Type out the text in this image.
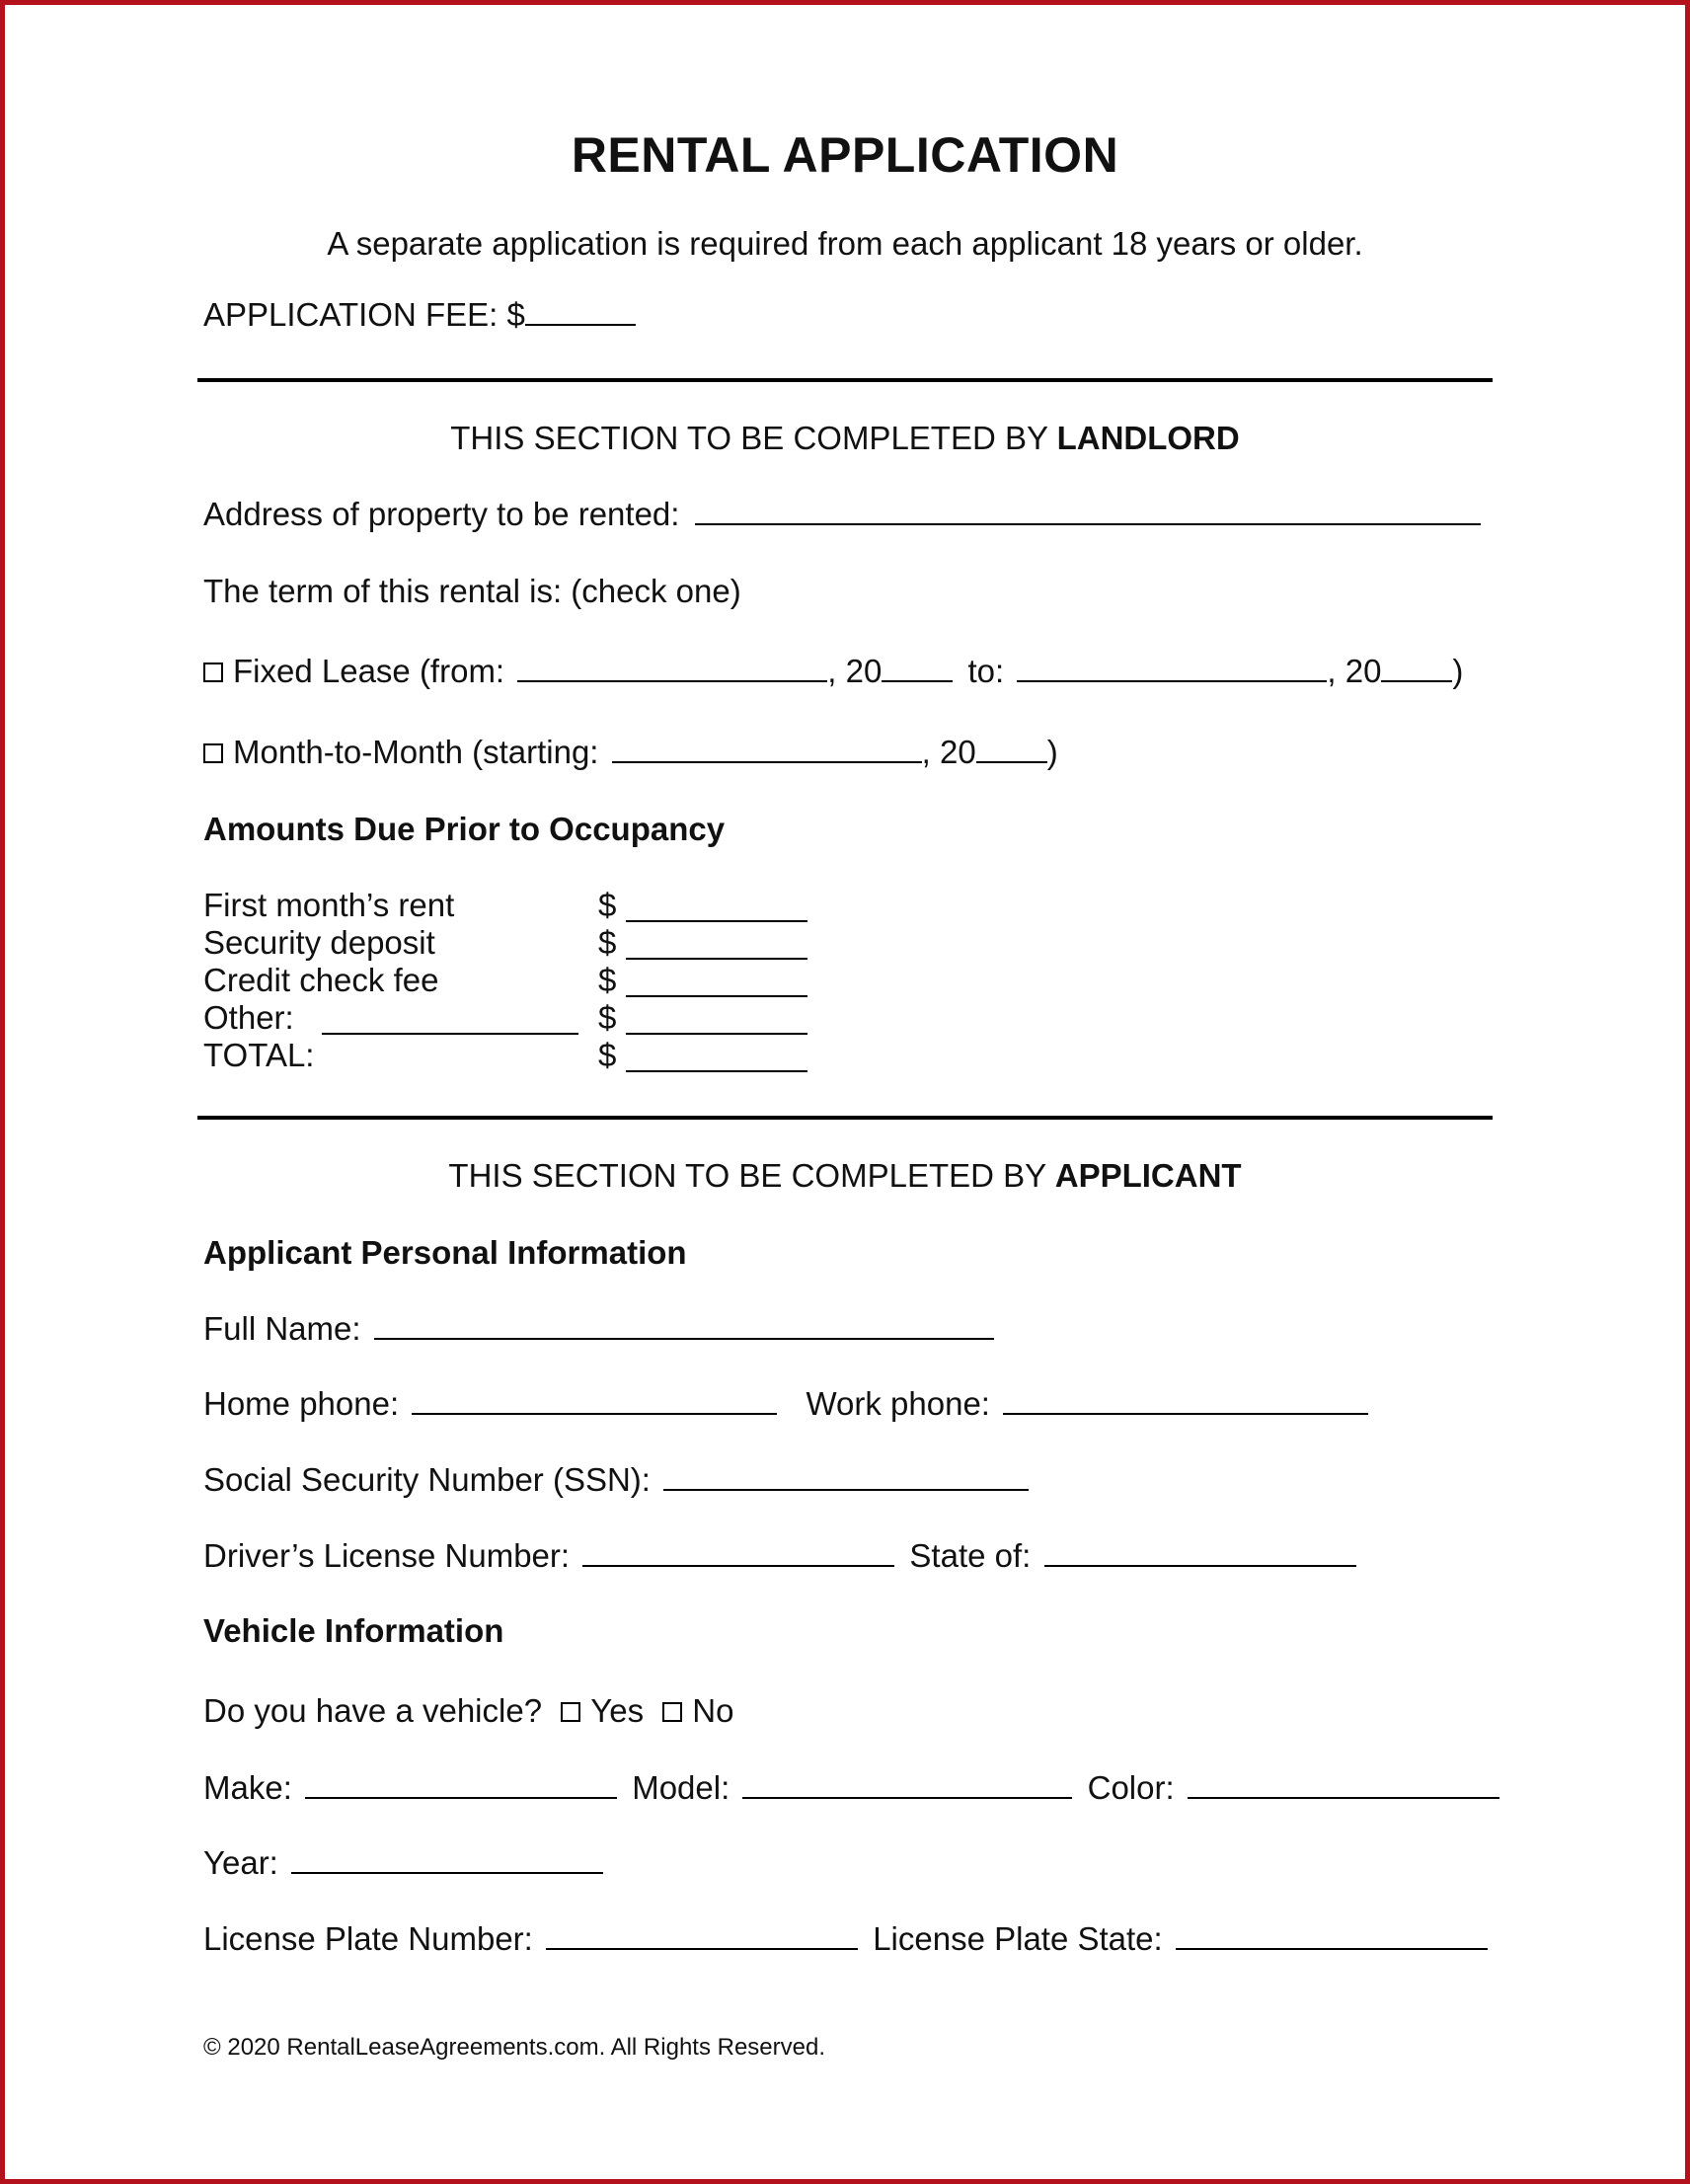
RENTAL APPLICATION
A separate application is required from each applicant 18 years or older.
APPLICATION FEE: $
THIS SECTION TO BE COMPLETED BY LANDLORD
Address of property to be rented:
The term of this rental is: (check one)
Fixed Lease (from:	, 20	to:	, 20 )
Month-to-Month (starting:	, 20 )
Amounts Due Prior to Occupancy
First month’s rent	$
Security deposit	$
Credit check fee	$
Other:	$
TOTAL:	$
THIS SECTION TO BE COMPLETED BY APPLICANT
Applicant Personal Information
Full Name:
Home phone:	Work phone:
Social Security Number (SSN):
Driver’s License Number:	State of:
Vehicle Information
Do you have a vehicle? Yes No
Make:	Model:	Color:
Year:
License Plate Number:	License Plate State:
© 2020 RentalLeaseAgreements.com. All Rights Reserved.
